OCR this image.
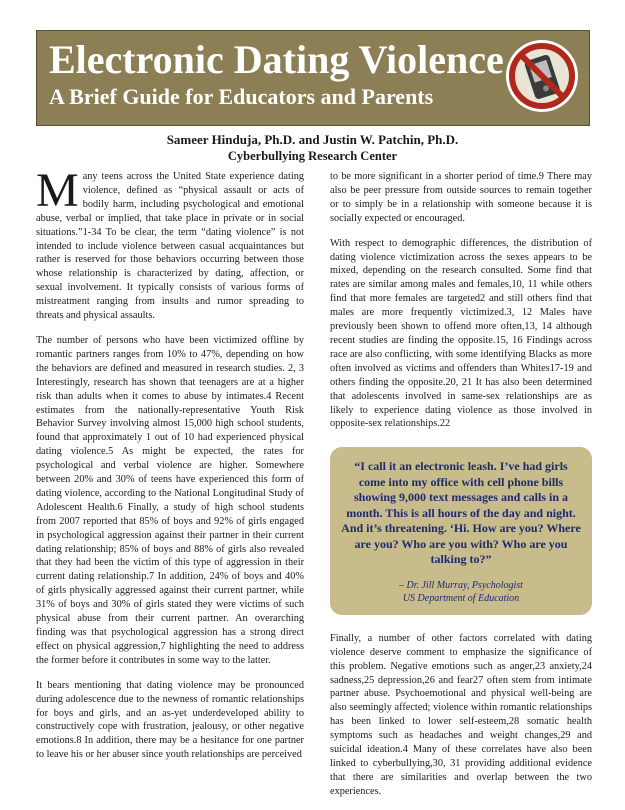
Electronic Dating Violence
A Brief Guide for Educators and Parents
Sameer Hinduja, Ph.D. and Justin W. Patchin, Ph.D.
Cyberbullying Research Center

Many teens across the United State experience dating violence, defined as “physical assault or acts of bodily harm, including psychological and emotional abuse, verbal or implied, that take place in private or in social situations.”1-34 To be clear, the term “dating violence” is not intended to include violence between casual acquaintances but rather is reserved for those behaviors occurring between those whose relationship is characterized by dating, affection, or sexual involvement. It typically consists of various forms of mistreatment ranging from insults and rumor spreading to threats and physical assaults.

The number of persons who have been victimized offline by romantic partners ranges from 10% to 47%, depending on how the behaviors are defined and measured in research studies. 2, 3 Interestingly, research has shown that teenagers are at a higher risk than adults when it comes to abuse by intimates.4 Recent estimates from the nationally-representative Youth Risk Behavior Survey involving almost 15,000 high school students, found that approximately 1 out of 10 had experienced physical dating violence.5 As might be expected, the rates for psychological and verbal violence are higher. Somewhere between 20% and 30% of teens have experienced this form of dating violence, according to the National Longitudinal Study of Adolescent Health.6 Finally, a study of high school students from 2007 reported that 85% of boys and 92% of girls engaged in psychological aggression against their partner in their current dating relationship; 85% of boys and 88% of girls also revealed that they had been the victim of this type of aggression in their current dating relationship.7 In addition, 24% of boys and 40% of girls physically aggressed against their current partner, while 31% of boys and 30% of girls stated they were victims of such physical abuse from their current partner. An overarching finding was that psychological aggression has a strong direct effect on physical aggression,7 highlighting the need to address the former before it contributes in some way to the latter.

It bears mentioning that dating violence may be pronounced during adolescence due to the newness of romantic relationships for boys and girls, and an as-yet underdeveloped ability to constructively cope with frustration, jealousy, or other negative emotions.8 In addition, there may be a hesitance for one partner to leave his or her abuser since youth relationships are perceived

to be more significant in a shorter period of time.9 There may also be peer pressure from outside sources to remain together or to simply be in a relationship with someone because it is socially expected or encouraged.

With respect to demographic differences, the distribution of dating violence victimization across the sexes appears to be mixed, depending on the research consulted. Some find that rates are similar among males and females,10, 11 while others find that more females are targeted2 and still others find that males are more frequently victimized.3, 12 Males have previously been shown to offend more often,13, 14 although recent studies are finding the opposite.15, 16 Findings across race are also conflicting, with some identifying Blacks as more often involved as victims and offenders than Whites17-19 and others finding the opposite.20, 21 It has also been determined that adolescents involved in same-sex relationships are as likely to experience dating violence as those involved in opposite-sex relationships.22

“I call it an electronic leash. I’ve had girls come into my office with cell phone bills showing 9,000 text messages and calls in a month. This is all hours of the day and night. And it’s threatening. ‘Hi. How are you? Where are you? Who are you with? Who are you talking to?”

– Dr. Jill Murray, Psychologist
US Department of Education

Finally, a number of other factors correlated with dating violence deserve comment to emphasize the significance of this problem. Negative emotions such as anger,23 anxiety,24 sadness,25 depression,26 and fear27 often stem from intimate partner abuse. Psychoemotional and physical well-being are also seemingly affected; violence within romantic relationships has been linked to lower self-esteem,28 somatic health symptoms such as headaches and weight changes,29 and suicidal ideation.4 Many of these correlates have also been linked to cyberbullying,30, 31 providing additional evidence that there are similarities and overlap between the two experiences.
